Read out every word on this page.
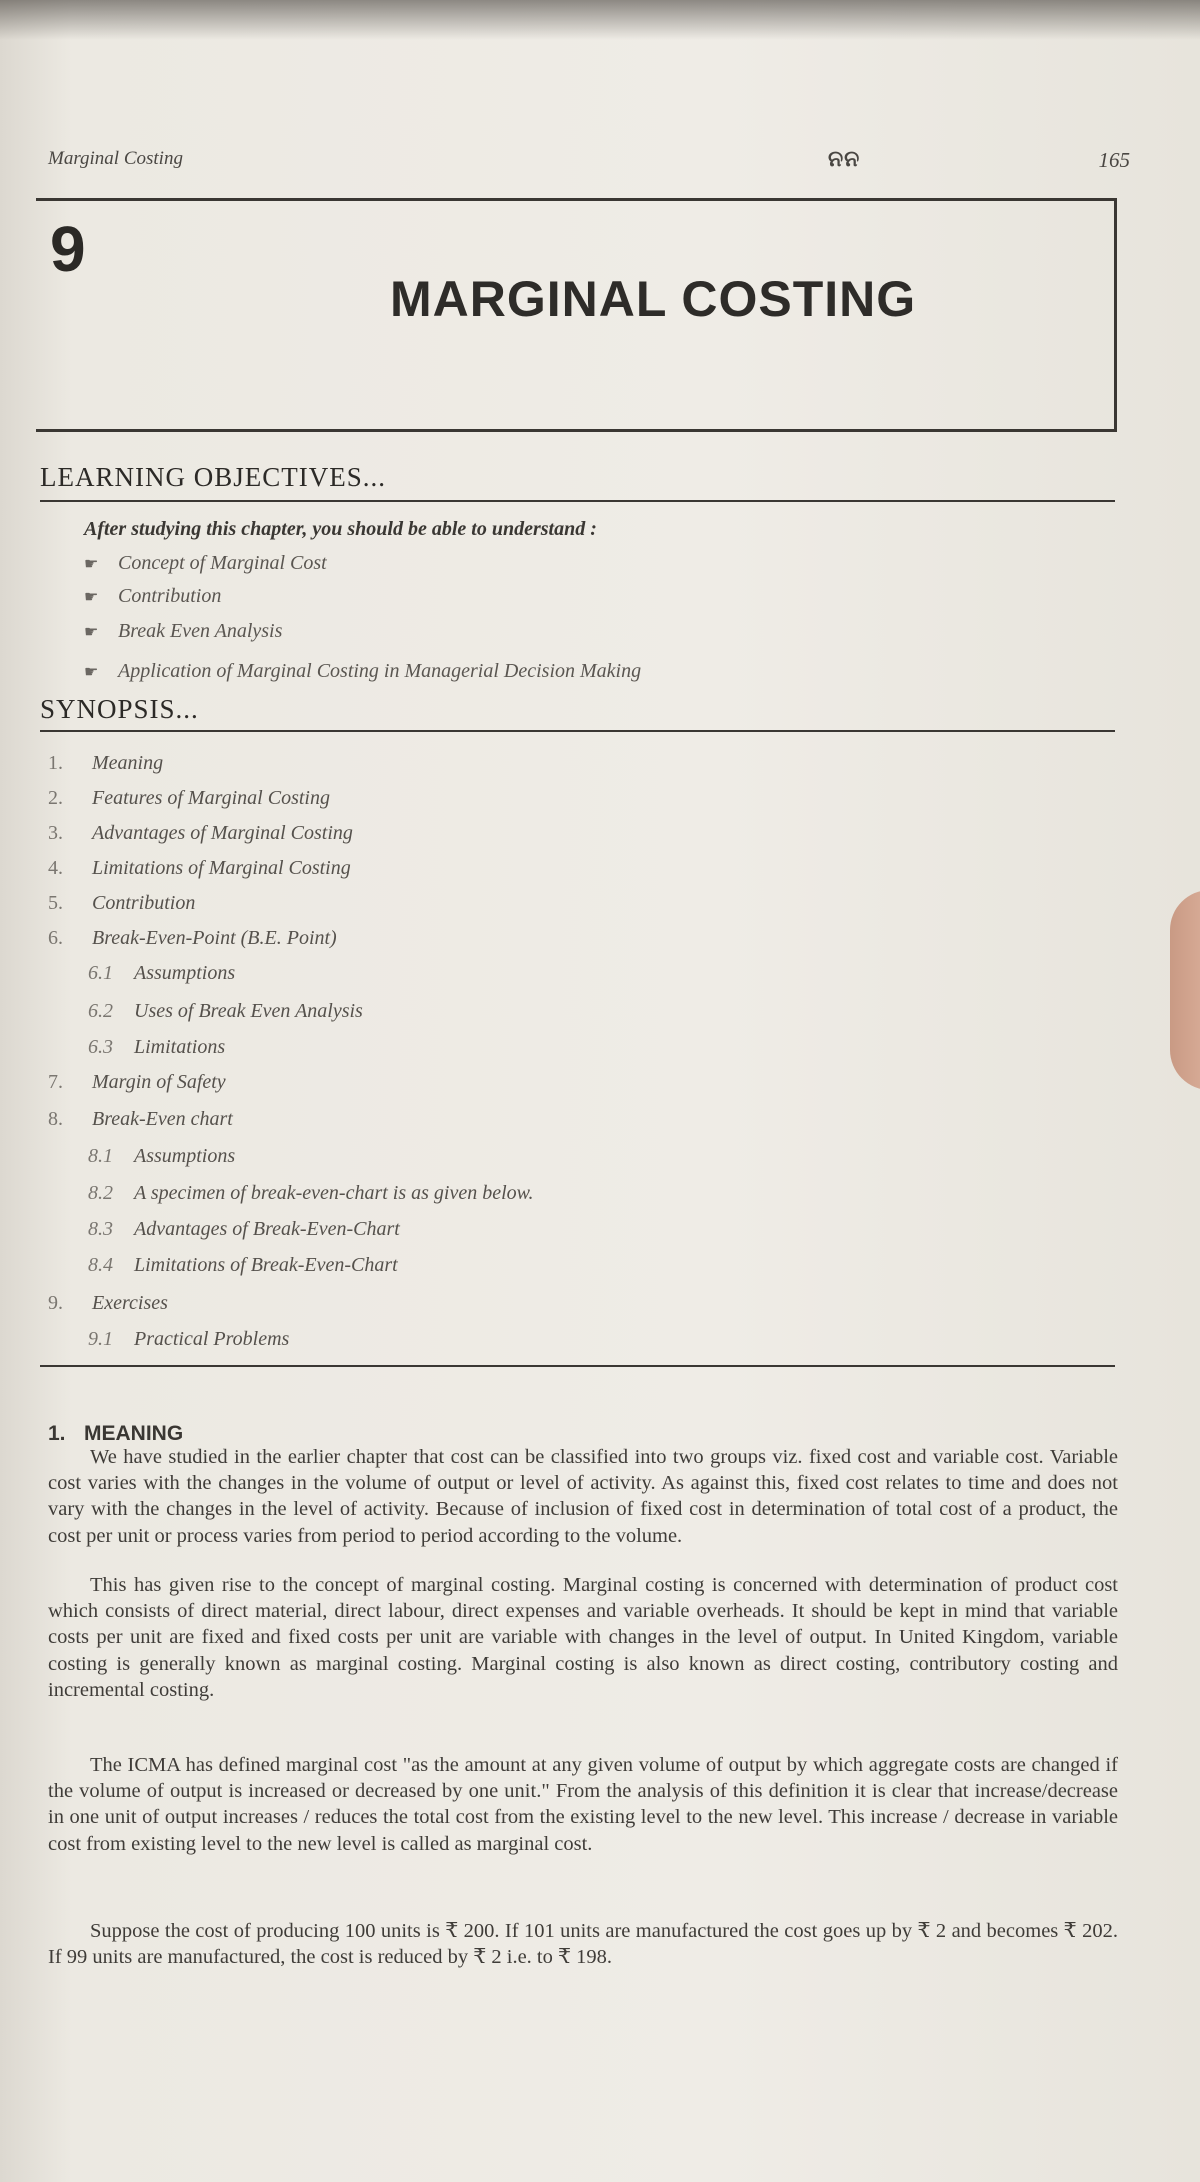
Marginal Costing	ନନ	165
9
MARGINAL COSTING
LEARNING OBJECTIVES...
After studying this chapter, you should be able to understand :
☛ Concept of Marginal Cost
☛ Contribution
☛ Break Even Analysis
☛ Application of Marginal Costing in Managerial Decision Making
SYNOPSIS...
1. Meaning
2. Features of Marginal Costing
3. Advantages of Marginal Costing
4. Limitations of Marginal Costing
5. Contribution
6. Break-Even-Point (B.E. Point)
6.1 Assumptions
6.2 Uses of Break Even Analysis
6.3 Limitations
7. Margin of Safety
8. Break-Even chart
8.1 Assumptions
8.2 A specimen of break-even-chart is as given below.
8.3 Advantages of Break-Even-Chart
8.4 Limitations of Break-Even-Chart
9. Exercises
9.1 Practical Problems
1. MEANING

We have studied in the earlier chapter that cost can be classified into two groups viz. fixed cost and variable cost. Variable cost varies with the changes in the volume of output or level of activity. As against this, fixed cost relates to time and does not vary with the changes in the level of activity. Because of inclusion of fixed cost in determination of total cost of a product, the cost per unit or process varies from period to period according to the volume.

This has given rise to the concept of marginal costing. Marginal costing is concerned with determination of product cost which consists of direct material, direct labour, direct expenses and variable overheads. It should be kept in mind that variable costs per unit are fixed and fixed costs per unit are variable with changes in the level of output. In United Kingdom, variable costing is generally known as marginal costing. Marginal costing is also known as direct costing, contributory costing and incremental costing.

The ICMA has defined marginal cost "as the amount at any given volume of output by which aggregate costs are changed if the volume of output is increased or decreased by one unit." From the analysis of this definition it is clear that increase/decrease in one unit of output increases / reduces the total cost from the existing level to the new level. This increase / decrease in variable cost from existing level to the new level is called as marginal cost.

Suppose the cost of producing 100 units is ₹ 200. If 101 units are manufactured the cost goes up by ₹ 2 and becomes ₹ 202. If 99 units are manufactured, the cost is reduced by ₹ 2 i.e. to ₹ 198.
